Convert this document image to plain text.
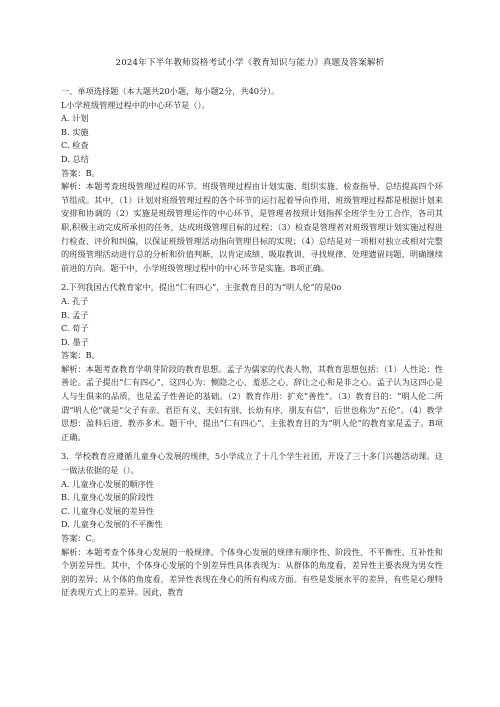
2024年下半年教师资格考试小学《教育知识与能力》真题及答案解析
一、单项选择题（本大题共20小题，每小题2分，共40分）。
L小学班级管理过程中的中心环节是（）。
A. 计划
B. 实施
C. 检查
D. 总结
答案：B。
解析：本题考查班级管理过程的环节。班级管理过程由计划实施、组织实施、检查指导、总结提高四个环节组成。其中，（1）计划对班级管理过程的各个环节的运行起着导向作用，班级管理过程都是根据计划来安排和协调的（2）实施是班级管理运作的中心环节，是管理者按照计划指挥全班学生分工合作，各司其职,积极主动完成所承担的任务，达成班级管理目标的过程；（3）检查是管理者对班级管理计划实施过程进行检查、评价和纠偏，以保证班级管理活动指向管理目标的实现；（4）总结是对一项相对独立或相对完整的班级管理活动进行总的分析和价值判断，以肯定成绩、吸取教训、寻找规律、处理遗留问题，明确继续前进的方向。题干中，小学班级管理过程中的中心环节是实施。B项正确。
2.下列我国古代教育家中，提出“仁有四心”，主张教育目的为“明人伦”的是0o
A. 孔子
B. 孟子
C. 荀子
D. 墨子
答案：B。
解析：本题考查教育学萌芽阶段的教育思想。孟子为儒家的代表人物，其教育思想包括：（1）人性论：性善论。孟子提出“仁有四心”，这四心为：恻隐之心、羞恶之心、辞让之心和是非之心。孟子认为这四心是人与生俱来的品质，也是孟子性善论的基础。（2）教育作用：扩充“善性”。（3）教育目的：“明人伦二所谓“明人伦”就是“父子有亲、君臣有义、夫妇有别、长幼有序，朋友有信”，后世也称为“五伦”。（4）教学思想：盈科后进、教亦多术。题干中，提出“仁有四心”，主张教育目的为“明人伦”的教育家是孟子。B项正确。
3．学校教育应遵循儿童身心发展的规律，5小学成立了十几个学生社团，开设了三十多门兴趣活动课。这一做法依据的是（）。
A. 儿童身心发展的顺序性
B. 儿童身心发展的阶段性
C. 儿童身心发展的差异性
D. 儿童身心发展的不平衡性
答案：C。
解析：本题考查个体身心发展的一般规律。个体身心发展的规律有顺序性、阶段性、不平衡性、互补性和个别差异性。其中，个体身心发展的个别差异性具体表现为：从群体的角度看，差异性主要表现为男女性别的差异；从个体的角度看，差异性表现在身心的所有构成方面。有些是发展水平的差异，有些是心理特征表现方式上的差异。因此，教育
